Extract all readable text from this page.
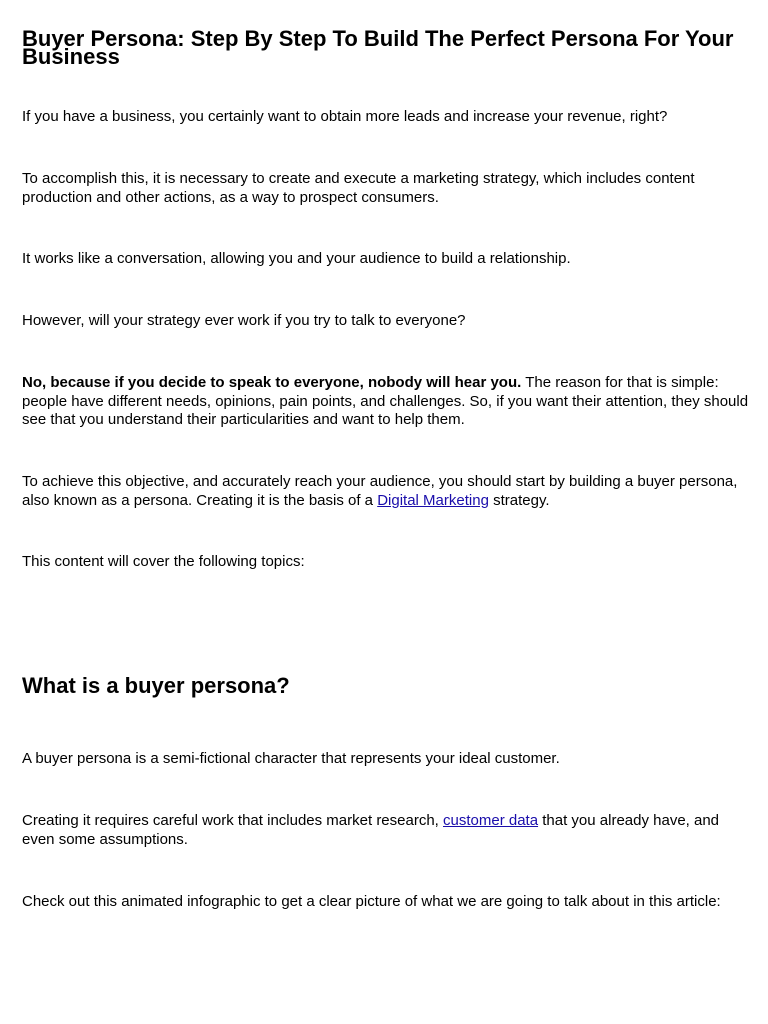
Buyer Persona: Step By Step To Build The Perfect Persona For Your Business

If you have a business, you certainly want to obtain more leads and increase your revenue, right?

To accomplish this, it is necessary to create and execute a marketing strategy, which includes content production and other actions, as a way to prospect consumers.

It works like a conversation, allowing you and your audience to build a relationship.

However, will your strategy ever work if you try to talk to everyone?

No, because if you decide to speak to everyone, nobody will hear you. The reason for that is simple: people have different needs, opinions, pain points, and challenges. So, if you want their attention, they should see that you understand their particularities and want to help them.

To achieve this objective, and accurately reach your audience, you should start by building a buyer persona, also known as a persona. Creating it is the basis of a Digital Marketing strategy.

This content will cover the following topics:

What is a buyer persona?

A buyer persona is a semi-fictional character that represents your ideal customer.

Creating it requires careful work that includes market research, customer data that you already have, and even some assumptions.

Check out this animated infographic to get a clear picture of what we are going to talk about in this article:
